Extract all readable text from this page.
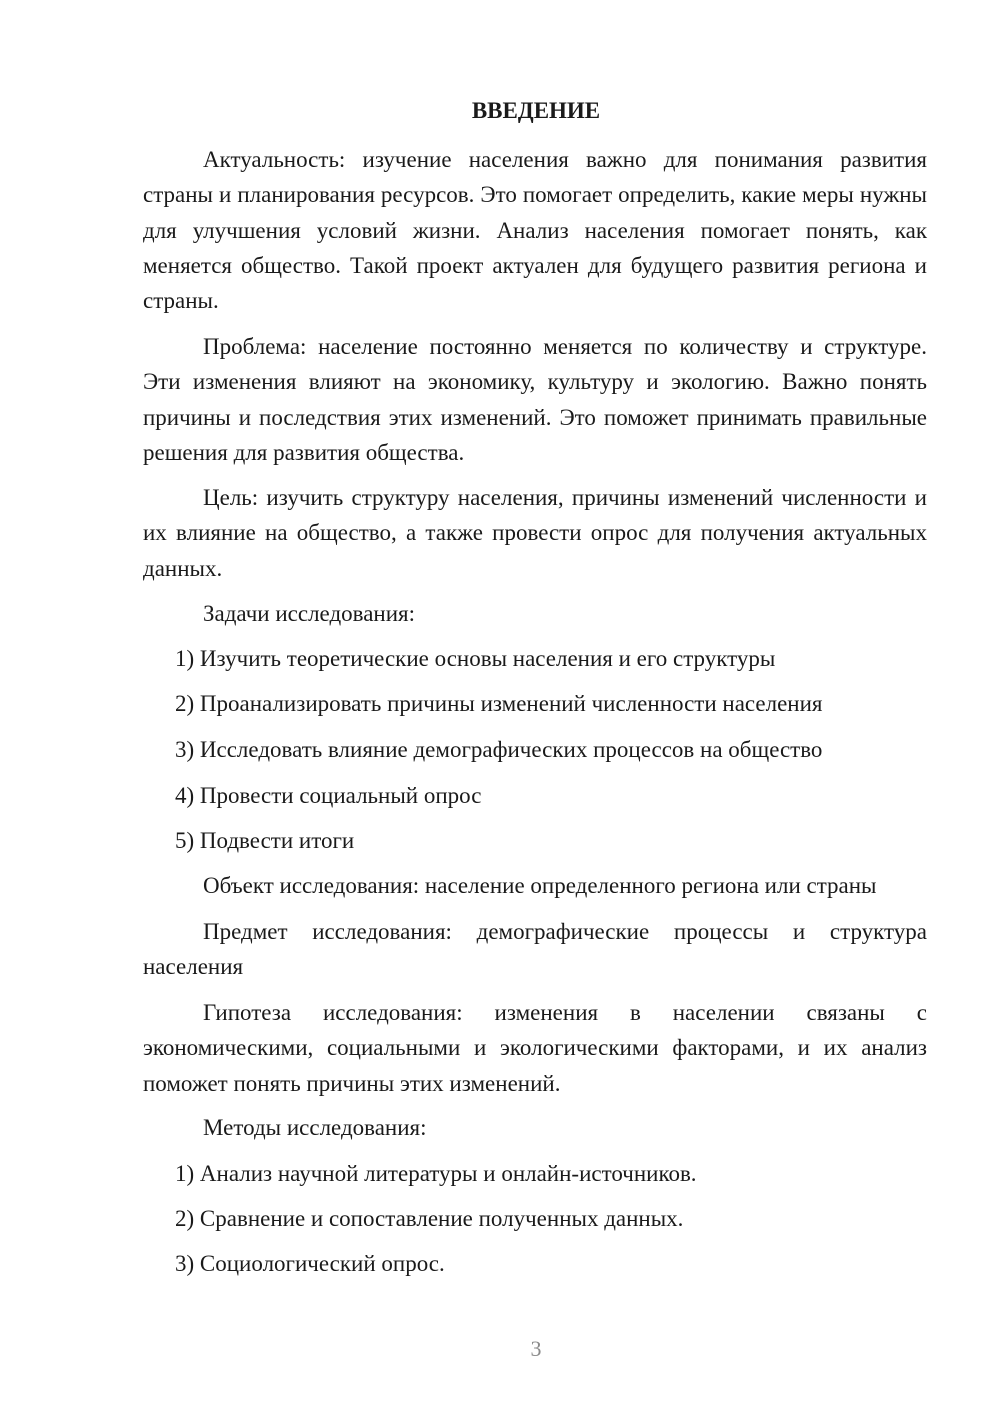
ВВЕДЕНИЕ

Актуальность: изучение населения важно для понимания развития страны и планирования ресурсов. Это помогает определить, какие меры нужны для улучшения условий жизни. Анализ населения помогает понять, как меняется общество. Такой проект актуален для будущего развития региона и страны.

Проблема: население постоянно меняется по количеству и структуре. Эти изменения влияют на экономику, культуру и экологию. Важно понять причины и последствия этих изменений. Это поможет принимать правильные решения для развития общества.

Цель: изучить структуру населения, причины изменений численности и их влияние на общество, а также провести опрос для получения актуальных данных.

Задачи исследования:

1) Изучить теоретические основы населения и его структуры

2) Проанализировать причины изменений численности населения

3) Исследовать влияние демографических процессов на общество

4) Провести социальный опрос

5) Подвести итоги

Объект исследования: население определенного региона или страны

Предмет исследования: демографические процессы и структура населения

Гипотеза исследования: изменения в населении связаны с экономическими, социальными и экологическими факторами, и их анализ поможет понять причины этих изменений.

Методы исследования:

1) Анализ научной литературы и онлайн-источников.

2) Сравнение и сопоставление полученных данных.

3) Социологический опрос.

3
